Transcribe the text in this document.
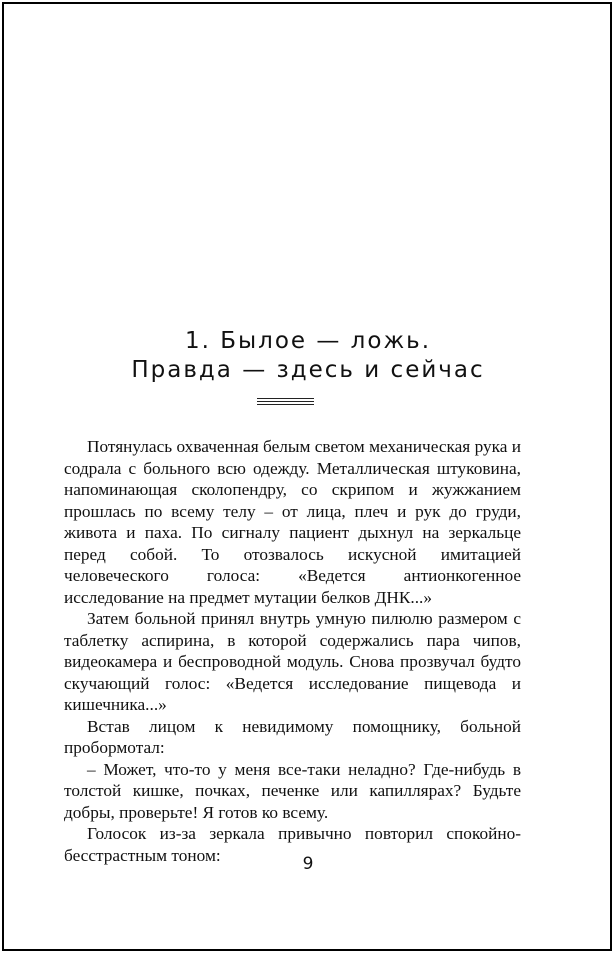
1. Былое — ложь.
Правда — здесь и сейчас

Потянулась охваченная белым светом механическая рука и содрала с больного всю одежду. Металлическая штуковина, напоминающая сколопендру, со скрипом и жужжанием прошлась по всему телу – от лица, плеч и рук до груди, живота и паха. По сигналу пациент дыхнул на зеркальце перед собой. То отозвалось искусной имитацией человеческого голоса: «Ведется антионкогенное исследование на предмет мутации белков ДНК...»

Затем больной принял внутрь умную пилюлю размером с таблетку аспирина, в которой содержались пара чипов, видеокамера и беспроводной модуль. Снова прозвучал будто скучающий голос: «Ведется исследование пищевода и кишечника...»

Встав лицом к невидимому помощнику, больной пробормотал:

– Может, что-то у меня все-таки неладно? Где-нибудь в толстой кишке, почках, печенке или капиллярах? Будьте добры, проверьте! Я готов ко всему.

Голосок из-за зеркала привычно повторил спокойно-бесстрастным тоном:	9
